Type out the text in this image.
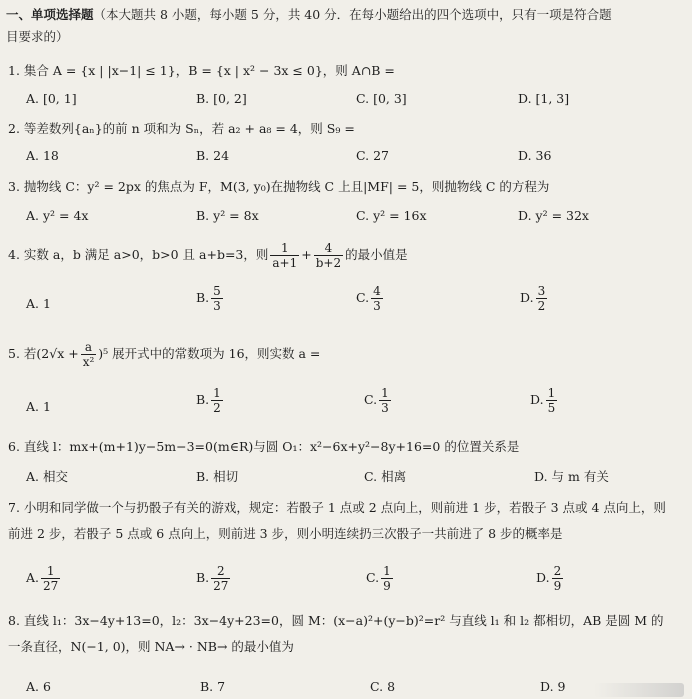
一、单项选择题（本大题共 8 小题，每小题 5 分，共 40 分．在每小题给出的四个选项中，只有一项是符合题
目要求的）
1. 集合 A = {x | |x−1| ≤ 1}，B = {x | x² − 3x ≤ 0}，则 A∩B =
A. [0, 1]	B. [0, 2]	C. [0, 3]	D. [1, 3]
2. 等差数列{aₙ}的前 n 项和为 Sₙ，若 a₂ + a₈ = 4，则 S₉ =
A. 18	B. 24	C. 27	D. 36
3. 抛物线 C：y² = 2px 的焦点为 F，M(3, y₀)在抛物线 C 上且|MF| = 5，则抛物线 C 的方程为
A. y² = 4x	B. y² = 8x	C. y² = 16x	D. y² = 32x
4. 实数 a，b 满足 a>0，b>0 且 a+b=3，则 $\frac{1}{a+1} + \frac{4}{b+2}$ 的最小值是
A. 1	B. $\frac{5}{3}$	C. $\frac{4}{3}$	D. $\frac{3}{2}$
5. 若$(2√x + \frac{a}{\text{x²}} )^5$ 展开式中的常数项为 16，则实数 a =
A. 1	B. $\frac{1}{2}$	C. $\frac{1}{3}$	D. $\frac{1}{5}$
6. 直线 l：mx+(m+1)y−5m−3=0(m∈R)与圆 O₁：x²−6x+y²−8y+16=0 的位置关系是
A. 相交	B. 相切	C. 相离	D. 与 m 有关
7. 小明和同学做一个与扔骰子有关的游戏，规定：若骰子 1 点或 2 点向上，则前进 1 步，若骰子 3 点或 4 点向上，则前进 2 步，若骰子 5 点或 6 点向上，则前进 3 步，则小明连续扔三次骰子一共前进了 8 步的概率是
A. $\frac{1}{27}$	B. $\frac{2}{27}$	C. $\frac{1}{9}$	D. $\frac{2}{9}$
8. 直线 l₁：3x−4y+13=0，l₂：3x−4y+23=0，圆 M：(x−a)²+(y−b)²=r² 与直线 l₁ 和 l₂ 都相切，AB 是圆 M 的一条直径，N(−1, 0)，则 NA→ · NB→ 的最小值为
A. 6	B. 7	C. 8	D. 9
